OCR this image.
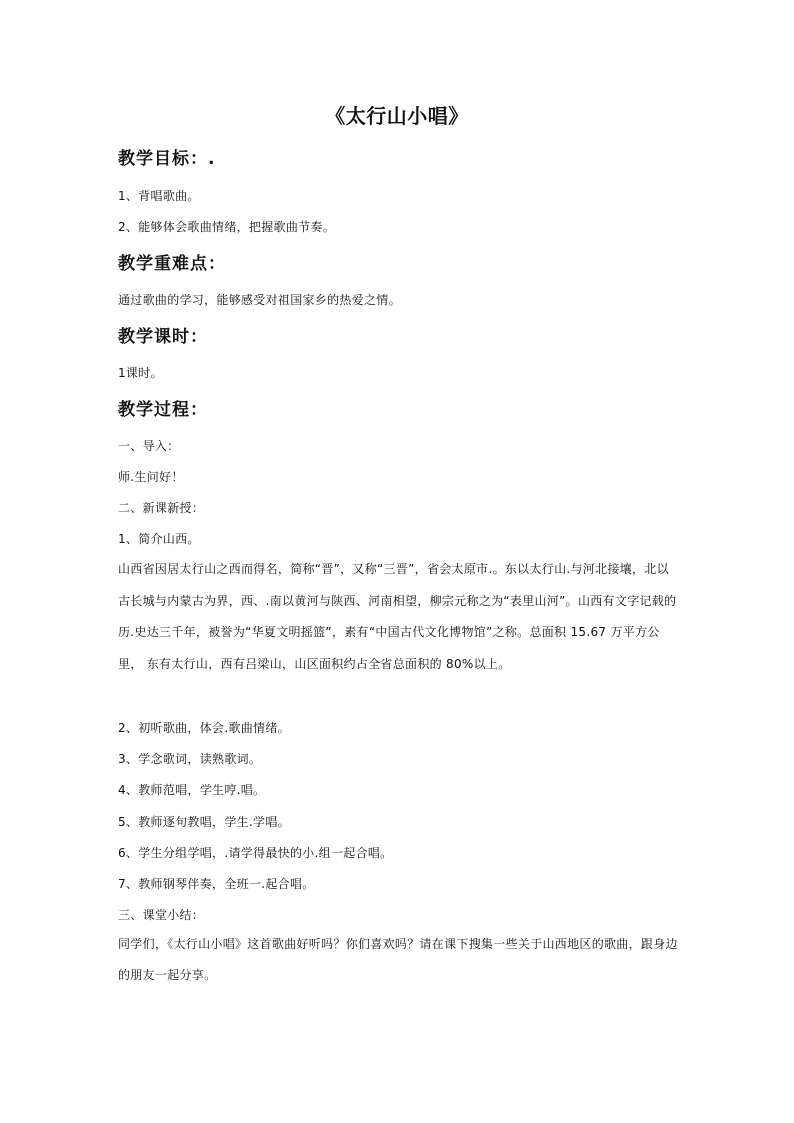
《太行山小唱》
教学目标：.
1、背唱歌曲。
2、能够体会歌曲情绪，把握歌曲节奏。
教学重难点：
通过歌曲的学习，能够感受对祖国家乡的热爱之情。
教学课时：
1课时。
教学过程：
一、导入：
师.生问好！
二、新课新授：
1、简介山西。
山西省因居太行山之西而得名，简称“晋”，又称“三晋”，省会太原市.。东以太行山.与河北接壤，北以古长城与内蒙古为界，西、.南以黄河与陕西、河南相望，柳宗元称之为“表里山河”。山西有文字记载的历.史达三千年，被誉为“华夏文明摇篮”，素有“中国古代文化博物馆”之称。总面积 15.67 万平方公里， 东有太行山，西有吕梁山，山区面积约占全省总面积的 80%以上。
2、初听歌曲，体会.歌曲情绪。
3、学念歌词，读熟歌词。
4、教师范唱，学生哼.唱。
5、教师逐句教唱，学生.学唱。
6、学生分组学唱，.请学得最快的小.组一起合唱。
7、教师钢琴伴奏，全班一.起合唱。
三、课堂小结：
同学们，《太行山小唱》这首歌曲好听吗？你们喜欢吗？请在课下搜集一些关于山西地区的歌曲，跟身边的朋友一起分享。
